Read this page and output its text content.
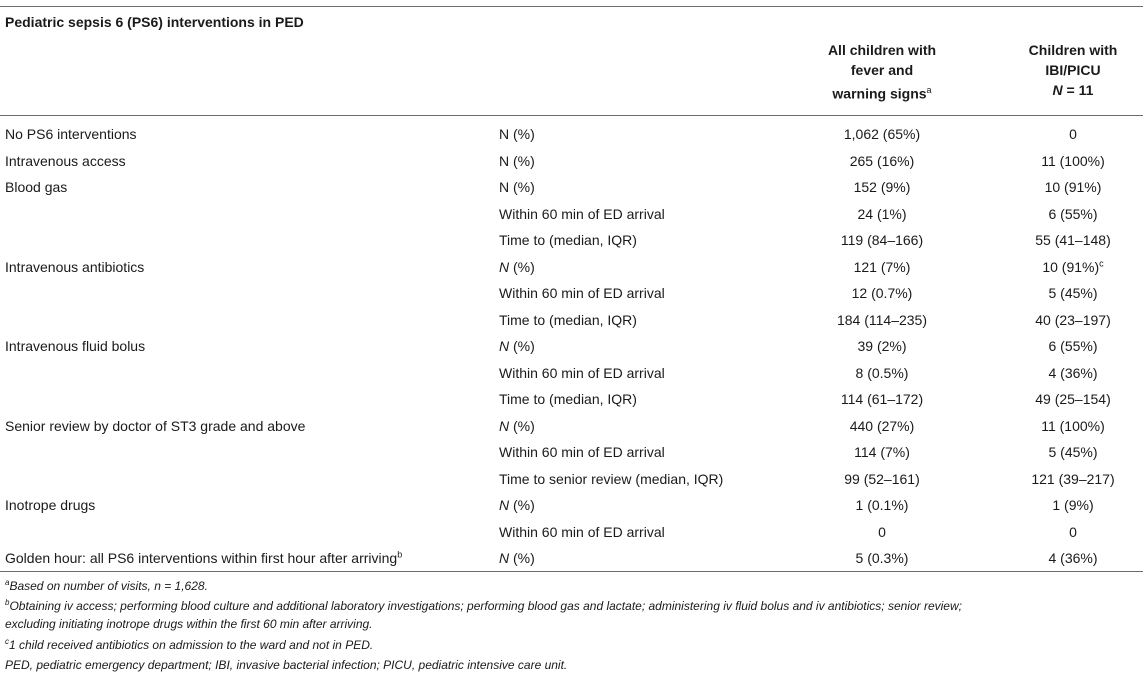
Pediatric sepsis 6 (PS6) interventions in PED
All children with
fever and
warning signs$^a$
Children with
IBI/PICU
N = 11
No PS6 interventions	N (%)	1,062 (65%)	0
Intravenous access	N (%)	265 (16%)	11 (100%)
Blood gas	N (%)	152 (9%)	10 (91%)
Within 60 min of ED arrival	24 (1%)	6 (55%)
Time to (median, IQR)	119 (84–166)	55 (41–148)
Intravenous antibiotics	N (%)	121 (7%)	10 $(91\%)^c$
Within 60 min of ED arrival	12 (0.7%)	5 (45%)
Time to (median, IQR)	184 (114–235)	40 (23–197)
Intravenous fluid bolus	N (%)	39 (2%)	6 (55%)
Within 60 min of ED arrival	8 (0.5%)	4 (36%)
Time to (median, IQR)	114 (61–172)	49 (25–154)
Senior review by doctor of ST3 grade and above	N (%)	440 (27%)	11 (100%)
Within 60 min of ED arrival	114 (7%)	5 (45%)
Time to senior review (median, IQR)	99 (52–161)	121 (39–217)
Inotrope drugs	N (%)	1 (0.1%)	1 (9%)
Within 60 min of ED arrival	0	0
Golden hour: all PS6 interventions within first hour after arriving$^b$	N (%)	5 (0.3%)	4 (36%)
$^a$Based on number of visits, n = 1,628.
$^b$Obtaining iv access; performing blood culture and additional laboratory investigations; performing blood gas and lactate; administering iv fluid bolus and iv antibiotics; senior review;
excluding initiating inotrope drugs within the first 60 min after arriving.
$^c$1 child received antibiotics on admission to the ward and not in PED.
PED, pediatric emergency department; IBI, invasive bacterial infection; PICU, pediatric intensive care unit.
